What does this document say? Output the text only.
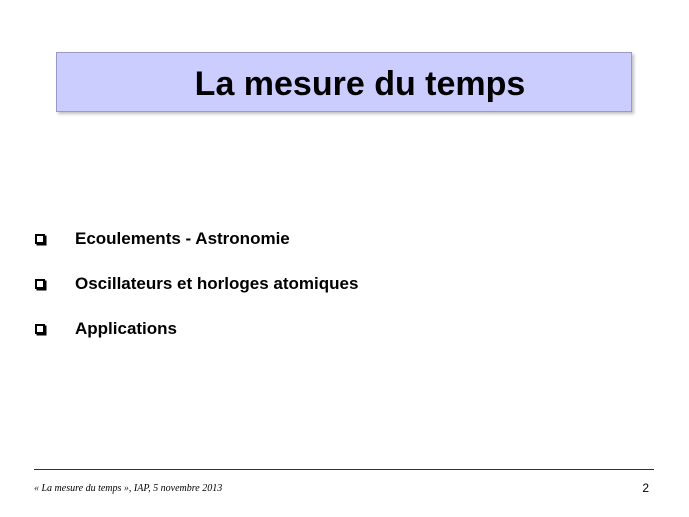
La mesure du temps
Ecoulements - Astronomie
Oscillateurs et horloges atomiques
Applications
« La mesure du temps », IAP, 5 novembre 2013	2
